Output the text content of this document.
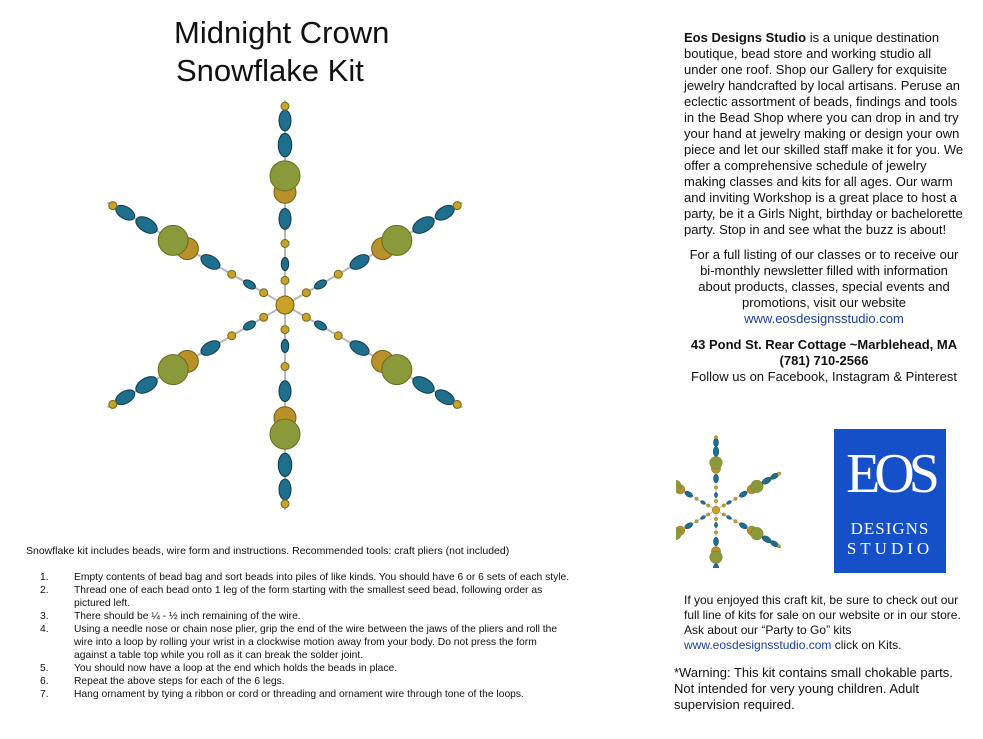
Midnight Crown
Snowflake Kit
Snowflake kit includes beads, wire form and instructions. Recommended tools: craft pliers (not included)
1.	Empty contents of bead bag and sort beads into piles of like kinds. You should have 6 or 6 sets of each style.
2.	Thread one of each bead onto 1 leg of the form starting with the smallest seed bead, following order as pictured left.
3.	There should be ¼ - ½ inch remaining of the wire.
4.	Using a needle nose or chain nose plier, grip the end of the wire between the jaws of the pliers and roll the wire into a loop by rolling your wrist in a clockwise motion away from your body. Do not press the form against a table top while you roll as it can break the solder joint.
5.	You should now have a loop at the end which holds the beads in place.
6.	Repeat the above steps for each of the 6 legs.
7.	Hang ornament by tying a ribbon or cord or threading and ornament wire through tone of the loops.
Eos Designs Studio is a unique destination boutique, bead store and working studio all under one roof. Shop our Gallery for exquisite jewelry handcrafted by local artisans. Peruse an eclectic assortment of beads, findings and tools in the Bead Shop where you can drop in and try your hand at jewelry making or design your own piece and let our skilled staff make it for you. We offer a comprehensive schedule of jewelry making classes and kits for all ages. Our warm and inviting Workshop is a great place to host a party, be it a Girls Night, birthday or bachelorette party. Stop in and see what the buzz is about!
For a full listing of our classes or to receive our bi-monthly newsletter filled with information about products, classes, special events and promotions, visit our website
www.eosdesignsstudio.com
43 Pond St. Rear Cottage ~Marblehead, MA
(781) 710-2566
Follow us on Facebook, Instagram & Pinterest
EOS
DESIGNS
STUDIO
If you enjoyed this craft kit, be sure to check out our full line of kits for sale on our website or in our store. Ask about our “Party to Go” kits
www.eosdesignsstudio.com click on Kits.
*Warning: This kit contains small chokable parts. Not intended for very young children. Adult supervision required.
